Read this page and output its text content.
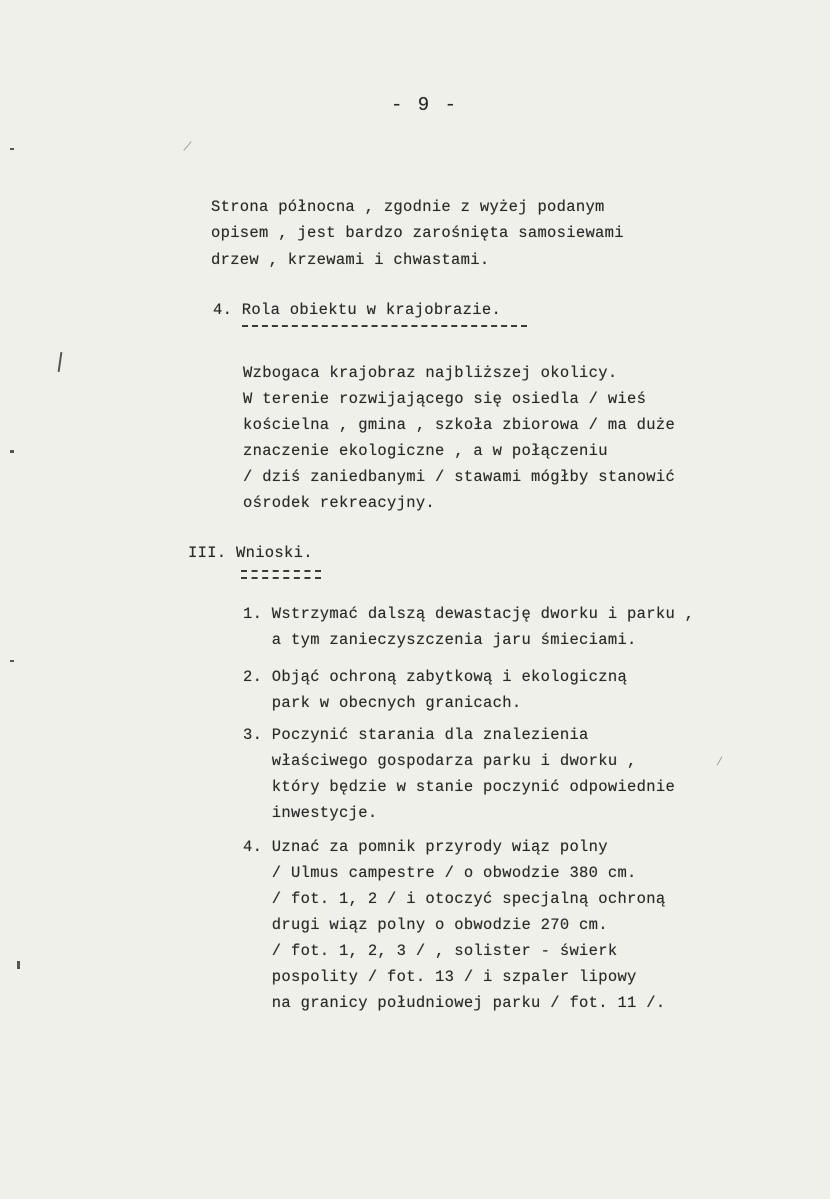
- 9 -
Strona północna , zgodnie z wyżej podanym
opisem , jest bardzo zarośnięta samosiewami
drzew , krzewami i chwastami.
4. Rola obiektu w krajobrazie.
Wzbogaca krajobraz najbliższej okolicy.
W terenie rozwijającego się osiedla / wieś
kościelna , gmina , szkoła zbiorowa / ma duże
znaczenie ekologiczne , a w połączeniu
/ dziś zaniedbanymi / stawami mógłby stanowić
ośrodek rekreacyjny.
III. Wnioski.
1. Wstrzymać dalszą dewastację dworku i parku ,
a tym zanieczyszczenia jaru śmieciami.
2. Objąć ochroną zabytkową i ekologiczną
park w obecnych granicach.
3. Poczynić starania dla znalezienia
właściwego gospodarza parku i dworku ,
który będzie w stanie poczynić odpowiednie
inwestycje.
4. Uznać za pomnik przyrody wiąz polny
/ Ulmus campestre / o obwodzie 380 cm.
/ fot. 1, 2 / i otoczyć specjalną ochroną
drugi wiąz polny o obwodzie 270 cm.
/ fot. 1, 2, 3 / , solister - świerk
pospolity / fot. 13 / i szpaler lipowy
na granicy południowej parku / fot. 11 /.
